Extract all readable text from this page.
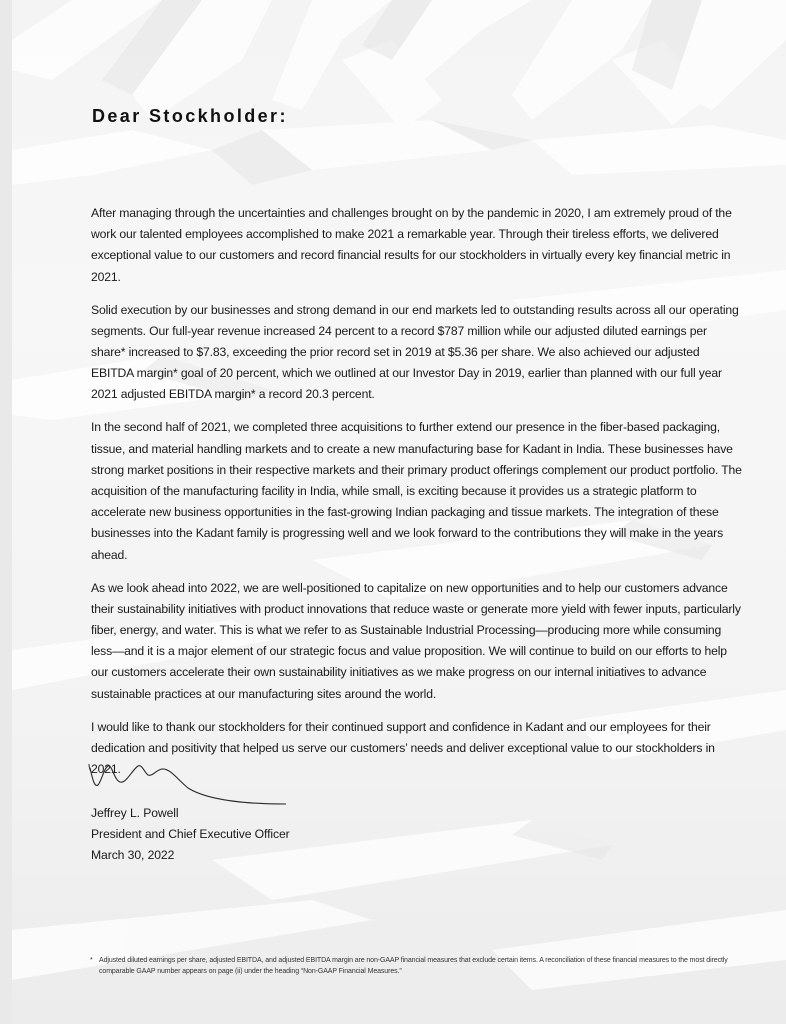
Dear Stockholder:

After managing through the uncertainties and challenges brought on by the pandemic in 2020, I am extremely proud of the work our talented employees accomplished to make 2021 a remarkable year. Through their tireless efforts, we delivered exceptional value to our customers and record financial results for our stockholders in virtually every key financial metric in 2021.

Solid execution by our businesses and strong demand in our end markets led to outstanding results across all our operating segments. Our full-year revenue increased 24 percent to a record $787 million while our adjusted diluted earnings per share* increased to $7.83, exceeding the prior record set in 2019 at $5.36 per share. We also achieved our adjusted EBITDA margin* goal of 20 percent, which we outlined at our Investor Day in 2019, earlier than planned with our full year 2021 adjusted EBITDA margin* a record 20.3 percent.

In the second half of 2021, we completed three acquisitions to further extend our presence in the fiber-based packaging, tissue, and material handling markets and to create a new manufacturing base for Kadant in India. These businesses have strong market positions in their respective markets and their primary product offerings complement our product portfolio. The acquisition of the manufacturing facility in India, while small, is exciting because it provides us a strategic platform to accelerate new business opportunities in the fast-growing Indian packaging and tissue markets. The integration of these businesses into the Kadant family is progressing well and we look forward to the contributions they will make in the years ahead.

As we look ahead into 2022, we are well-positioned to capitalize on new opportunities and to help our customers advance their sustainability initiatives with product innovations that reduce waste or generate more yield with fewer inputs, particularly fiber, energy, and water. This is what we refer to as Sustainable Industrial Processing—producing more while consuming less—and it is a major element of our strategic focus and value proposition. We will continue to build on our efforts to help our customers accelerate their own sustainability initiatives as we make progress on our internal initiatives to advance sustainable practices at our manufacturing sites around the world.

I would like to thank our stockholders for their continued support and confidence in Kadant and our employees for their dedication and positivity that helped us serve our customers’ needs and deliver exceptional value to our stockholders in 2021.

Jeffrey L. Powell
President and Chief Executive Officer
March 30, 2022
* Adjusted diluted earnings per share, adjusted EBITDA, and adjusted EBITDA margin are non-GAAP financial measures that exclude certain items. A reconciliation of these financial measures to the most directly comparable GAAP number appears on page (ii) under the heading “Non-GAAP Financial Measures.”
